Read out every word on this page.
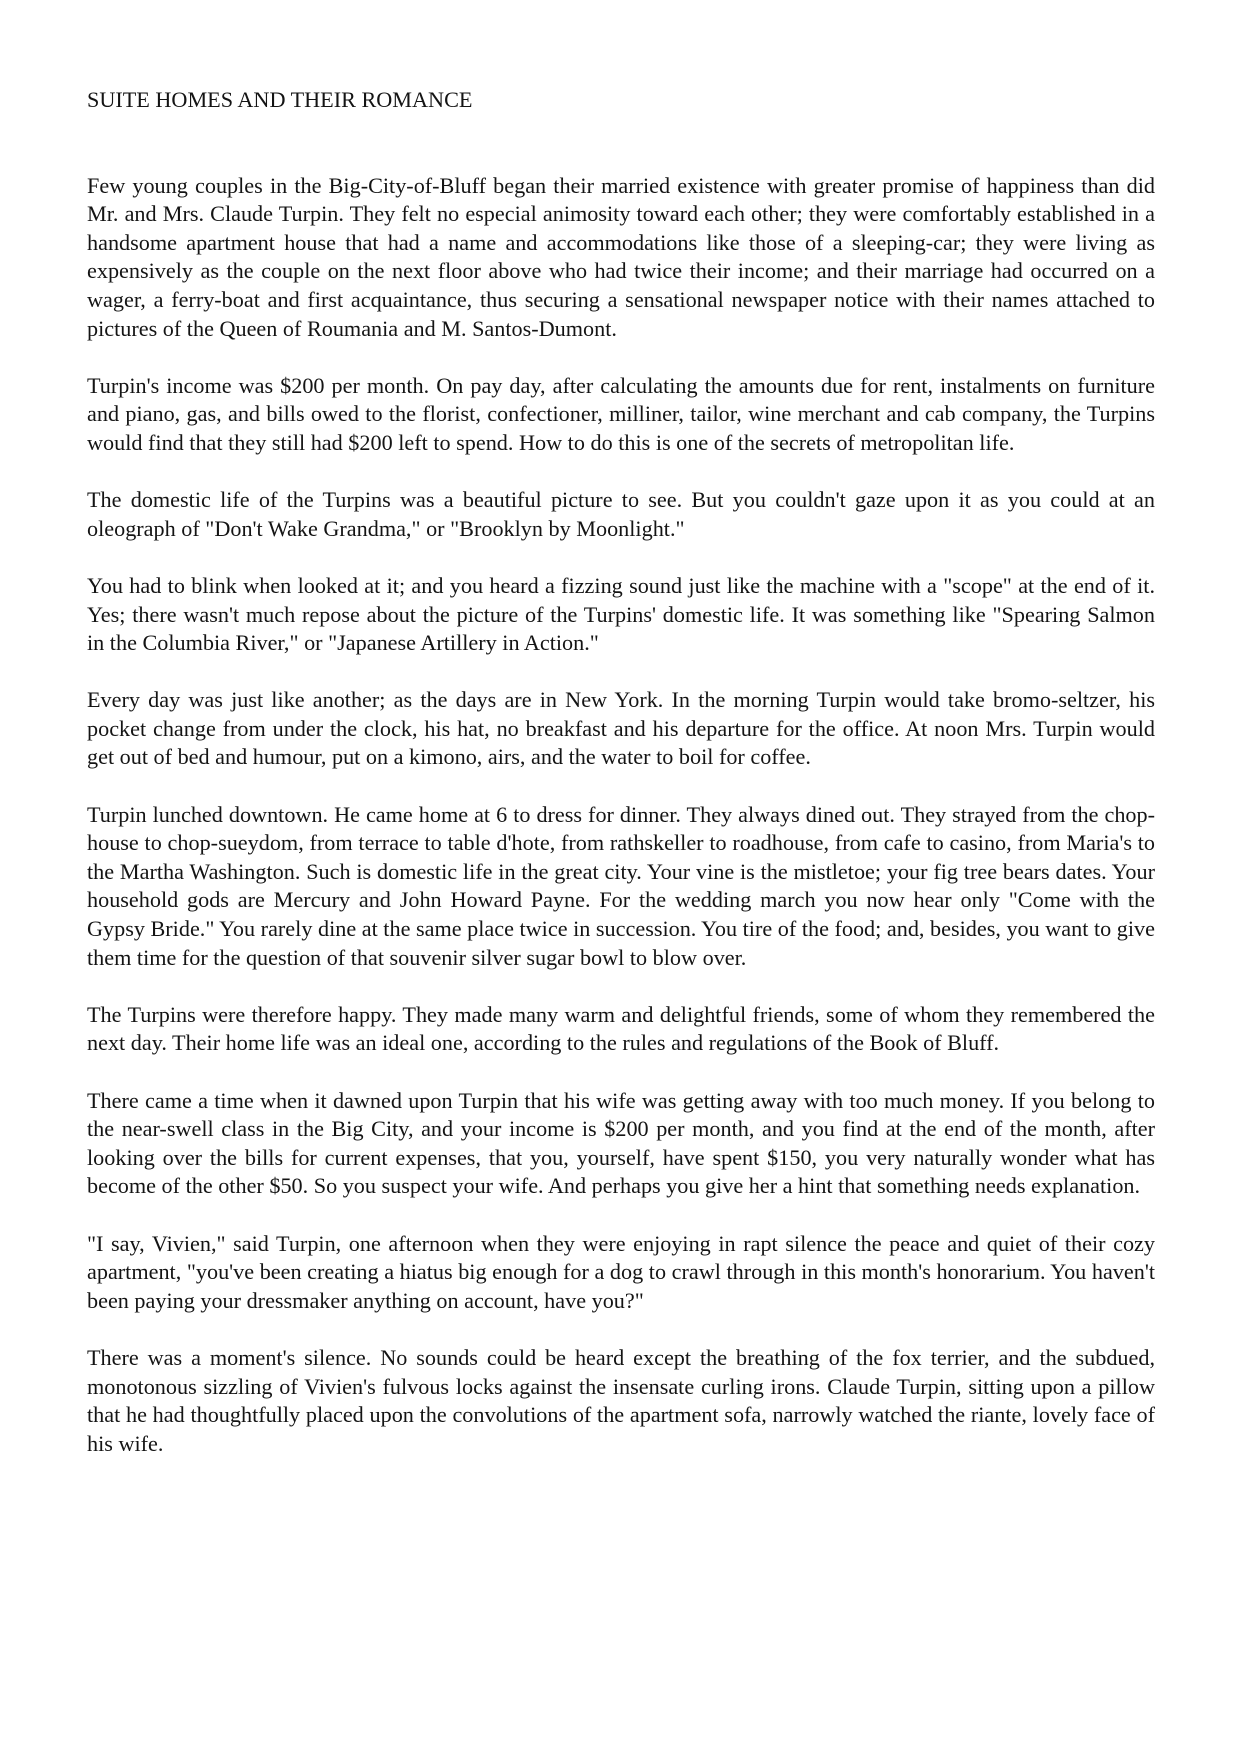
SUITE HOMES AND THEIR ROMANCE

Few young couples in the Big-City-of-Bluff began their married existence with greater promise of happiness than did Mr. and Mrs. Claude Turpin. They felt no especial animosity toward each other; they were comfortably established in a handsome apartment house that had a name and accommodations like those of a sleeping-car; they were living as expensively as the couple on the next floor above who had twice their income; and their marriage had occurred on a wager, a ferry-boat and first acquaintance, thus securing a sensational newspaper notice with their names attached to pictures of the Queen of Roumania and M. Santos-Dumont.

Turpin's income was $200 per month. On pay day, after calculating the amounts due for rent, instalments on furniture and piano, gas, and bills owed to the florist, confectioner, milliner, tailor, wine merchant and cab company, the Turpins would find that they still had $200 left to spend. How to do this is one of the secrets of metropolitan life.

The domestic life of the Turpins was a beautiful picture to see. But you couldn't gaze upon it as you could at an oleograph of "Don't Wake Grandma," or "Brooklyn by Moonlight."

You had to blink when looked at it; and you heard a fizzing sound just like the machine with a "scope" at the end of it. Yes; there wasn't much repose about the picture of the Turpins' domestic life. It was something like "Spearing Salmon in the Columbia River," or "Japanese Artillery in Action."

Every day was just like another; as the days are in New York. In the morning Turpin would take bromo-seltzer, his pocket change from under the clock, his hat, no breakfast and his departure for the office. At noon Mrs. Turpin would get out of bed and humour, put on a kimono, airs, and the water to boil for coffee.

Turpin lunched downtown. He came home at 6 to dress for dinner. They always dined out. They strayed from the chop-house to chop-sueydom, from terrace to table d'hote, from rathskeller to roadhouse, from cafe to casino, from Maria's to the Martha Washington. Such is domestic life in the great city. Your vine is the mistletoe; your fig tree bears dates. Your household gods are Mercury and John Howard Payne. For the wedding march you now hear only "Come with the Gypsy Bride." You rarely dine at the same place twice in succession. You tire of the food; and, besides, you want to give them time for the question of that souvenir silver sugar bowl to blow over.

The Turpins were therefore happy. They made many warm and delightful friends, some of whom they remembered the next day. Their home life was an ideal one, according to the rules and regulations of the Book of Bluff.

There came a time when it dawned upon Turpin that his wife was getting away with too much money. If you belong to the near-swell class in the Big City, and your income is $200 per month, and you find at the end of the month, after looking over the bills for current expenses, that you, yourself, have spent $150, you very naturally wonder what has become of the other $50. So you suspect your wife. And perhaps you give her a hint that something needs explanation.

"I say, Vivien," said Turpin, one afternoon when they were enjoying in rapt silence the peace and quiet of their cozy apartment, "you've been creating a hiatus big enough for a dog to crawl through in this month's honorarium. You haven't been paying your dressmaker anything on account, have you?"

There was a moment's silence. No sounds could be heard except the breathing of the fox terrier, and the subdued, monotonous sizzling of Vivien's fulvous locks against the insensate curling irons. Claude Turpin, sitting upon a pillow that he had thoughtfully placed upon the convolutions of the apartment sofa, narrowly watched the riante, lovely face of his wife.
